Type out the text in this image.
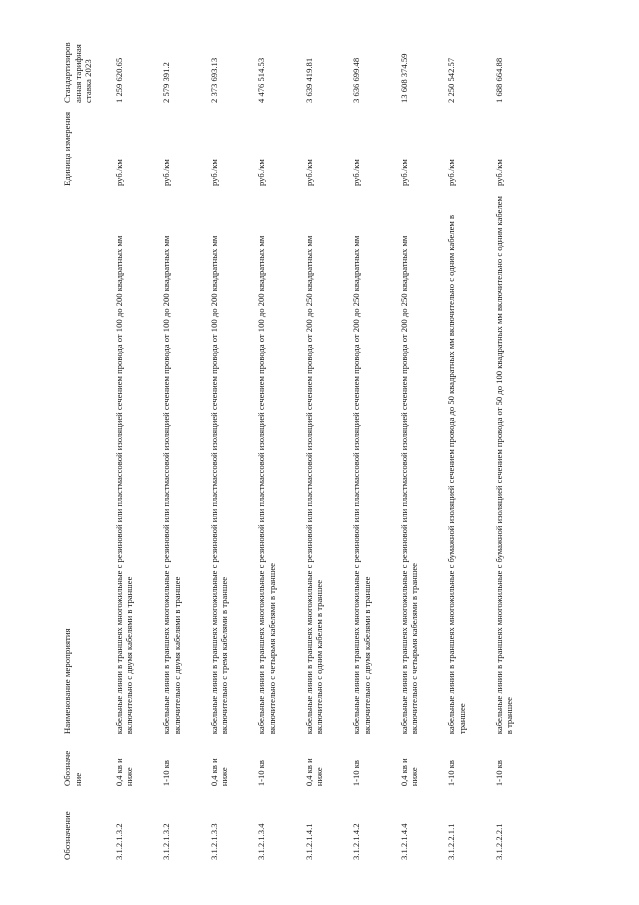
Обозначение	Обозначе ние	Наименование мероприятия	Единица измерения	Стандартизиров анная тарифная ставка 2023
3.1.2.1.3.2	0,4 кв и ниже	кабельные линии в траншеях многожильные с резиновой или пластмассовой изоляцией сечением провода от 100 до 200 квадратных мм включительно с двумя кабелями в траншее	руб./км	1 259 620.65
3.1.2.1.3.2	1-10 кв	кабельные линии в траншеях многожильные с резиновой или пластмассовой изоляцией сечением провода от 100 до 200 квадратных мм включительно с двумя кабелями в траншее	руб./км	2 579 391.2
3.1.2.1.3.3	0,4 кв и ниже	кабельные линии в траншеях многожильные с резиновой или пластмассовой изоляцией сечением провода от 100 до 200 квадратных мм включительно с тремя кабелями в траншее	руб./км	2 373 693.13
3.1.2.1.3.4	1-10 кв	кабельные линии в траншеях многожильные с резиновой или пластмассовой изоляцией сечением провода от 100 до 200 квадратных мм включительно с четырьмя кабелями в траншее	руб./км	4 476 514.53
3.1.2.1.4.1	0,4 кв и ниже	кабельные линии в траншеях многожильные с резиновой или пластмассовой изоляцией сечением провода от 200 до 250 квадратных мм включительно с одним кабелем в траншее	руб./км	3 639 419.81
3.1.2.1.4.2	1-10 кв	кабельные линии в траншеях многожильные с резиновой или пластмассовой изоляцией сечением провода от 200 до 250 квадратных мм включительно с двумя кабелями в траншее	руб./км	3 636 699.48
3.1.2.1.4.4	0,4 кв и ниже	кабельные линии в траншеях многожильные с резиновой или пластмассовой изоляцией сечением провода от 200 до 250 квадратных мм включительно с четырьмя кабелями в траншее	руб./км	13 608 374.59
3.1.2.2.1.1	1-10 кв	кабельные линии в траншеях многожильные с бумажной изоляцией сечением провода до 50 квадратных мм включительно с одним кабелем в траншее	руб./км	2 250 542.57
3.1.2.2.2.1	1-10 кв	кабельные линии в траншеях многожильные с бумажной изоляцией сечением провода от 50 до 100 квадратных мм включительно с одним кабелем в траншее	руб./км	1 688 664.88
